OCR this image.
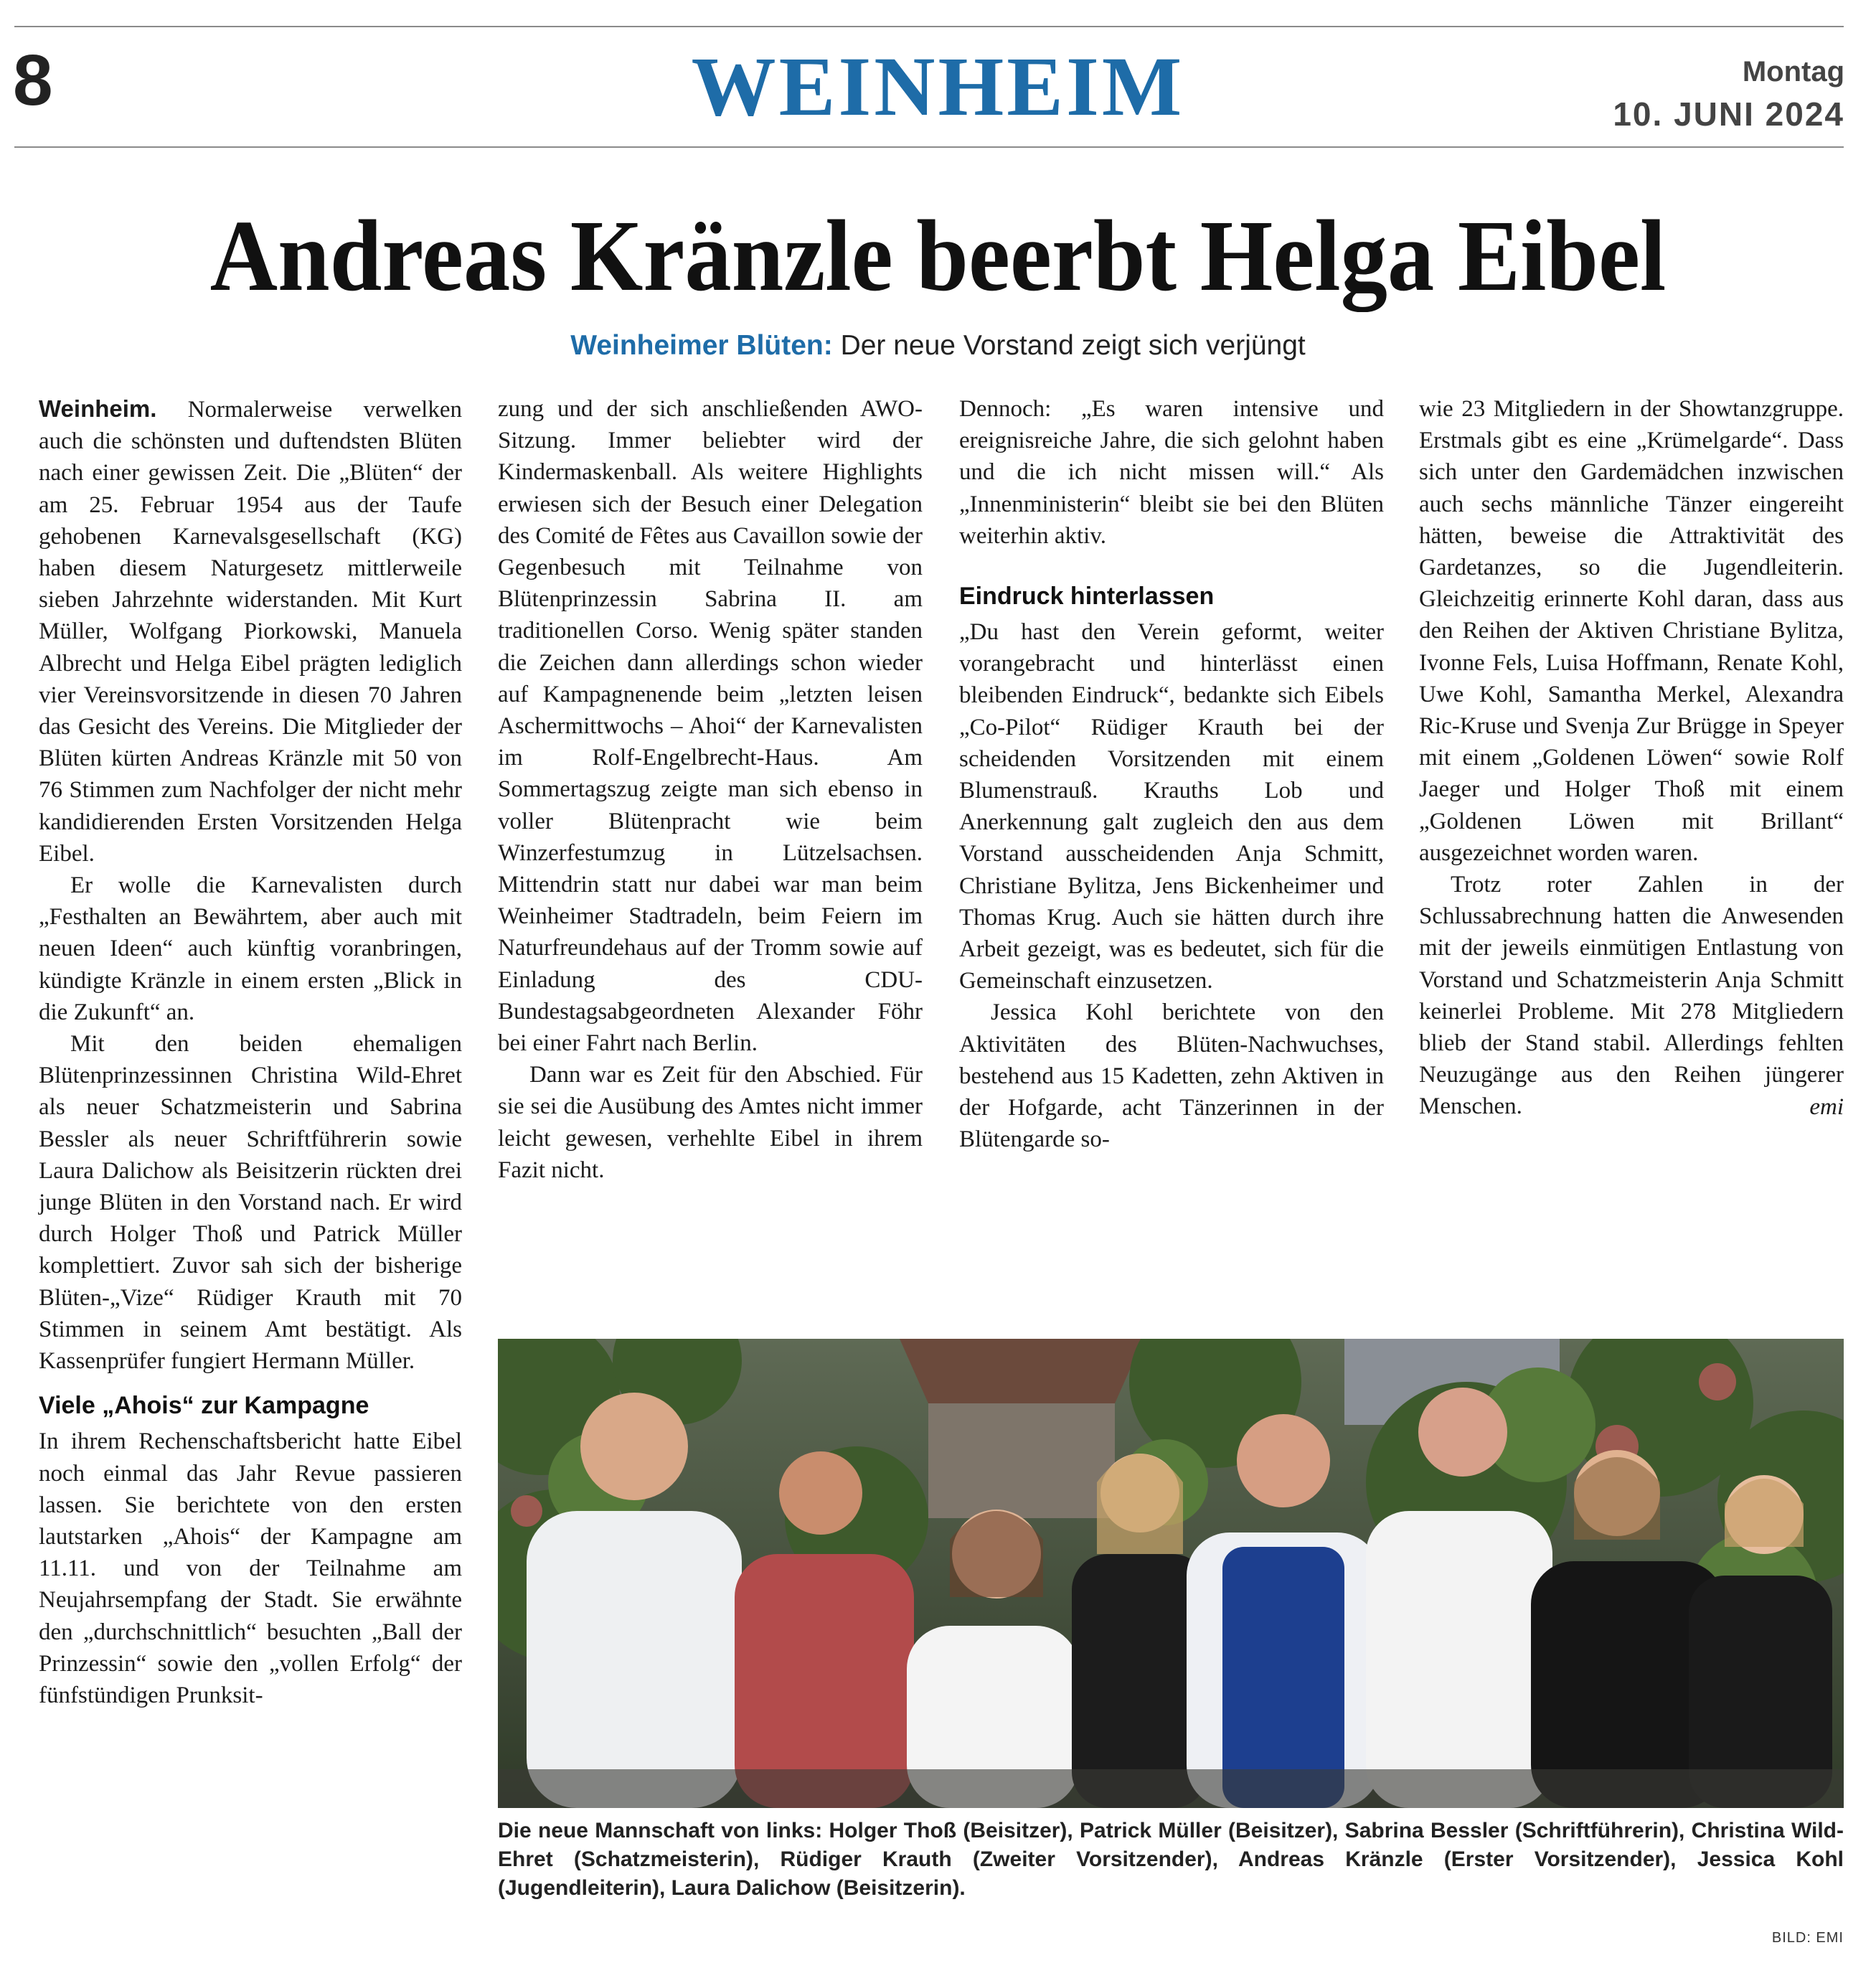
8	WEINHEIM	Montag
10. JUNI 2024
Andreas Kränzle beerbt Helga Eibel
Weinheimer Blüten: Der neue Vorstand zeigt sich verjüngt

Weinheim. Normalerweise verwelken auch die schönsten und duftendsten Blüten nach einer gewissen Zeit. Die „Blüten“ der am 25. Februar 1954 aus der Taufe gehobenen Karnevalsgesellschaft (KG) haben diesem Naturgesetz mittlerweile sieben Jahrzehnte widerstanden. Mit Kurt Müller, Wolfgang Piorkowski, Manuela Albrecht und Helga Eibel prägten lediglich vier Vereinsvorsitzende in diesen 70 Jahren das Gesicht des Vereins. Die Mitglieder der Blüten kürten Andreas Kränzle mit 50 von 76 Stimmen zum Nachfolger der nicht mehr kandidierenden Ersten Vorsitzenden Helga Eibel.

Er wolle die Karnevalisten durch „Festhalten an Bewährtem, aber auch mit neuen Ideen“ auch künftig voranbringen, kündigte Kränzle in einem ersten „Blick in die Zukunft“ an.

Mit den beiden ehemaligen Blütenprinzessinnen Christina Wild-Ehret als neuer Schatzmeisterin und Sabrina Bessler als neuer Schriftführerin sowie Laura Dalichow als Beisitzerin rückten drei junge Blüten in den Vorstand nach. Er wird durch Holger Thoß und Patrick Müller komplettiert. Zuvor sah sich der bisherige Blüten-„Vize“ Rüdiger Krauth mit 70 Stimmen in seinem Amt bestätigt. Als Kassenprüfer fungiert Hermann Müller.

Viele „Ahois“ zur Kampagne

In ihrem Rechenschaftsbericht hatte Eibel noch einmal das Jahr Revue passieren lassen. Sie berichtete von den ersten lautstarken „Ahois“ der Kampagne am 11.11. und von der Teilnahme am Neujahrsempfang der Stadt. Sie erwähnte den „durchschnittlich“ besuchten „Ball der Prinzessin“ sowie den „vollen Erfolg“ der fünfstündigen Prunksit-

zung und der sich anschließenden AWO-Sitzung. Immer beliebter wird der Kindermaskenball. Als weitere Highlights erwiesen sich der Besuch einer Delegation des Comité de Fêtes aus Cavaillon sowie der Gegenbesuch mit Teilnahme von Blütenprinzessin Sabrina II. am traditionellen Corso. Wenig später standen die Zeichen dann allerdings schon wieder auf Kampagnenende beim „letzten leisen Aschermittwochs – Ahoi“ der Karnevalisten im Rolf-Engelbrecht-Haus. Am Sommertagszug zeigte man sich ebenso in voller Blütenpracht wie beim Winzerfestumzug in Lützelsachsen. Mittendrin statt nur dabei war man beim Weinheimer Stadtradeln, beim Feiern im Naturfreundehaus auf der Tromm sowie auf Einladung des CDU-Bundestagsabgeordneten Alexander Föhr bei einer Fahrt nach Berlin.

Dann war es Zeit für den Abschied. Für sie sei die Ausübung des Amtes nicht immer leicht gewesen, verhehlte Eibel in ihrem Fazit nicht.

Dennoch: „Es waren intensive und ereignisreiche Jahre, die sich gelohnt haben und die ich nicht missen will.“ Als „Innenministerin“ bleibt sie bei den Blüten weiterhin aktiv.

Eindruck hinterlassen

„Du hast den Verein geformt, weiter vorangebracht und hinterlässt einen bleibenden Eindruck“, bedankte sich Eibels „Co-Pilot“ Rüdiger Krauth bei der scheidenden Vorsitzenden mit einem Blumenstrauß. Krauths Lob und Anerkennung galt zugleich den aus dem Vorstand ausscheidenden Anja Schmitt, Christiane Bylitza, Jens Bickenheimer und Thomas Krug. Auch sie hätten durch ihre Arbeit gezeigt, was es bedeutet, sich für die Gemeinschaft einzusetzen.

Jessica Kohl berichtete von den Aktivitäten des Blüten-Nachwuchses, bestehend aus 15 Kadetten, zehn Aktiven in der Hofgarde, acht Tänzerinnen in der Blütengarde so-

wie 23 Mitgliedern in der Showtanzgruppe. Erstmals gibt es eine „Krümelgarde“. Dass sich unter den Gardemädchen inzwischen auch sechs männliche Tänzer eingereiht hätten, beweise die Attraktivität des Gardetanzes, so die Jugendleiterin. Gleichzeitig erinnerte Kohl daran, dass aus den Reihen der Aktiven Christiane Bylitza, Ivonne Fels, Luisa Hoffmann, Renate Kohl, Uwe Kohl, Samantha Merkel, Alexandra Ric-Kruse und Svenja Zur Brügge in Speyer mit einem „Goldenen Löwen“ sowie Rolf Jaeger und Holger Thoß mit einem „Goldenen Löwen mit Brillant“ ausgezeichnet worden waren.

Trotz roter Zahlen in der Schlussabrechnung hatten die Anwesenden mit der jeweils einmütigen Entlastung von Vorstand und Schatzmeisterin Anja Schmitt keinerlei Probleme. Mit 278 Mitgliedern blieb der Stand stabil. Allerdings fehlten Neuzugänge aus den Reihen jüngerer Menschen.	emi
Die neue Mannschaft von links: Holger Thoß (Beisitzer), Patrick Müller (Beisitzer), Sabrina Bessler (Schriftführerin), Christina Wild-Ehret (Schatzmeisterin), Rüdiger Krauth (Zweiter Vorsitzender), Andreas Kränzle (Erster Vorsitzender), Jessica Kohl (Jugendleiterin), Laura Dalichow (Beisitzerin).
BILD: EMI
